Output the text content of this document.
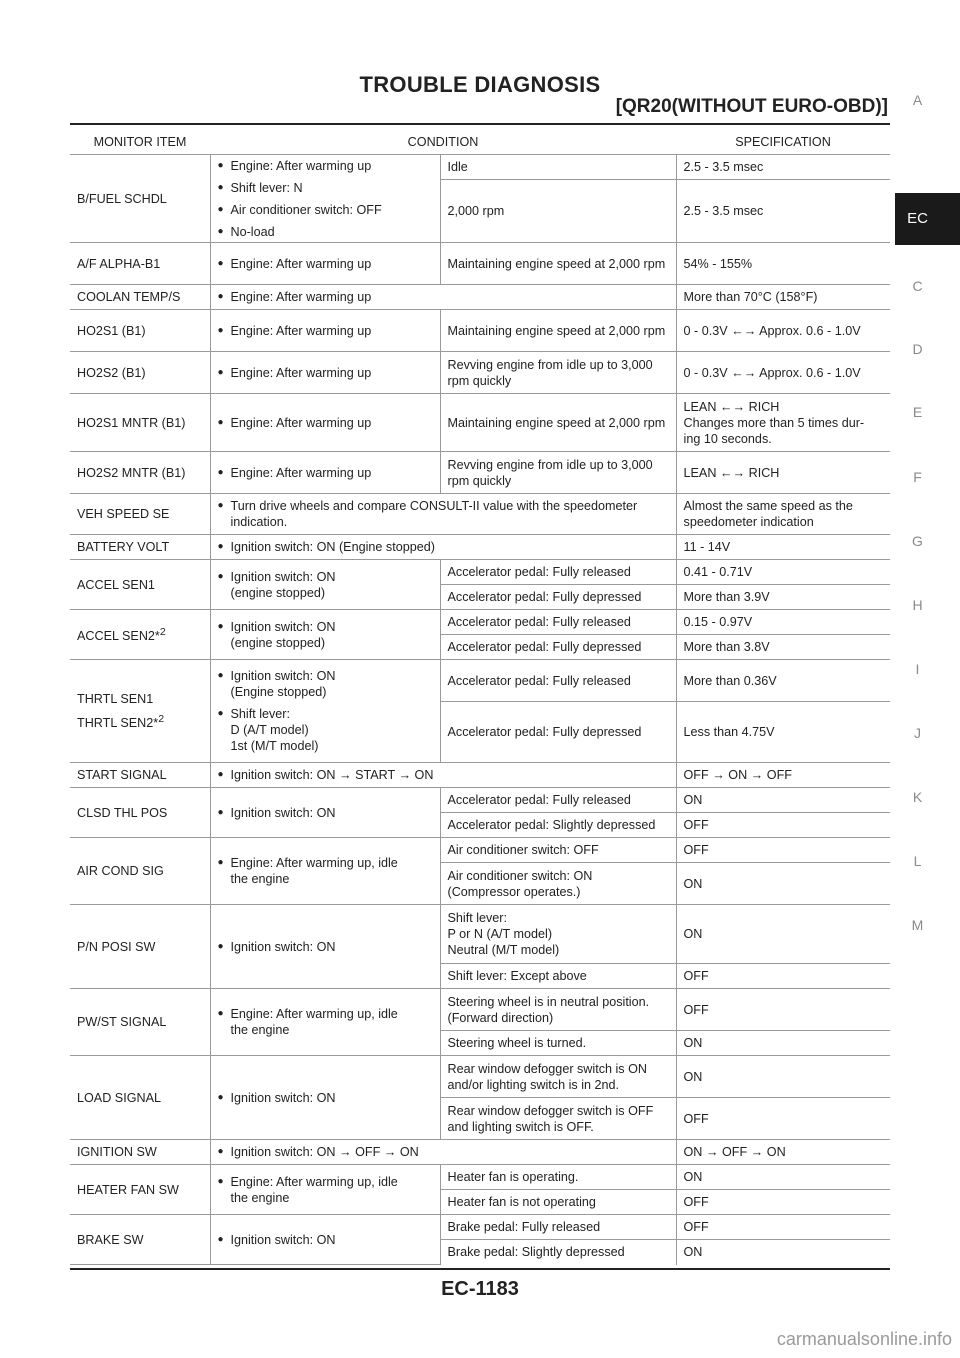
TROUBLE DIAGNOSIS
[QR20(WITHOUT EURO-OBD)]	A
EC
C
D
E
F
G
H
I
J
K
L
M
MONITOR ITEM	CONDITION		SPECIFICATION
B/FUEL SCHDL	● Engine: After warming up
● Shift lever: N
● Air conditioner switch: OFF
● No-load	Idle	2.5 - 3.5 msec
		2,000 rpm	2.5 - 3.5 msec
A/F ALPHA-B1	● Engine: After warming up	Maintaining engine speed at 2,000 rpm	54% - 155%
COOLAN TEMP/S	● Engine: After warming up		More than 70°C (158°F)
HO2S1 (B1)	● Engine: After warming up	Maintaining engine speed at 2,000 rpm	0 - 0.3V ←→ Approx. 0.6 - 1.0V
HO2S2 (B1)	● Engine: After warming up	Revving engine from idle up to 3,000 rpm quickly	0 - 0.3V ←→ Approx. 0.6 - 1.0V
HO2S1 MNTR (B1)	● Engine: After warming up	Maintaining engine speed at 2,000 rpm	LEAN ←→ RICH
Changes more than 5 times dur-
ing 10 seconds.
HO2S2 MNTR (B1)	● Engine: After warming up	Revving engine from idle up to 3,000 rpm quickly	LEAN ←→ RICH
VEH SPEED SE	● Turn drive wheels and compare CONSULT-II value with the speedometer indication.		Almost the same speed as the speedometer indication
BATTERY VOLT	● Ignition switch: ON (Engine stopped)		11 - 14V
ACCEL SEN1	● Ignition switch: ON
(engine stopped)	Accelerator pedal: Fully released	0.41 - 0.71V
		Accelerator pedal: Fully depressed	More than 3.9V
ACCEL SEN2*$^2$	● Ignition switch: ON
(engine stopped)	Accelerator pedal: Fully released	0.15 - 0.97V
		Accelerator pedal: Fully depressed	More than 3.8V

THRTL SEN1
THRTL SEN2*$^2$	● Ignition switch: ON
(Engine stopped)
● Shift lever:
D (A/T model)
1st (M/T model)	Accelerator pedal: Fully released	More than 0.36V
		Accelerator pedal: Fully depressed	Less than 4.75V
START SIGNAL	● Ignition switch: ON → START → ON		OFF → ON → OFF
CLSD THL POS	● Ignition switch: ON	Accelerator pedal: Fully released	ON
		Accelerator pedal: Slightly depressed	OFF
AIR COND SIG	● Engine: After warming up, idle
the engine	Air conditioner switch: OFF	OFF
		Air conditioner switch: ON
(Compressor operates.)	ON
P/N POSI SW	● Ignition switch: ON	Shift lever:
P or N (A/T model)
Neutral (M/T model)	ON
		Shift lever: Except above	OFF
PW/ST SIGNAL	● Engine: After warming up, idle
the engine	Steering wheel is in neutral position.
(Forward direction)	OFF
		Steering wheel is turned.	ON
LOAD SIGNAL	● Ignition switch: ON	Rear window defogger switch is ON
and/or lighting switch is in 2nd.	ON
		Rear window defogger switch is OFF
and lighting switch is OFF.	OFF
IGNITION SW	● Ignition switch: ON → OFF → ON		ON → OFF → ON
HEATER FAN SW	● Engine: After warming up, idle
the engine	Heater fan is operating.	ON
		Heater fan is not operating	OFF
BRAKE SW	● Ignition switch: ON	Brake pedal: Fully released	OFF
		Brake pedal: Slightly depressed	ON

EC-1183

carmanualsonline.info
